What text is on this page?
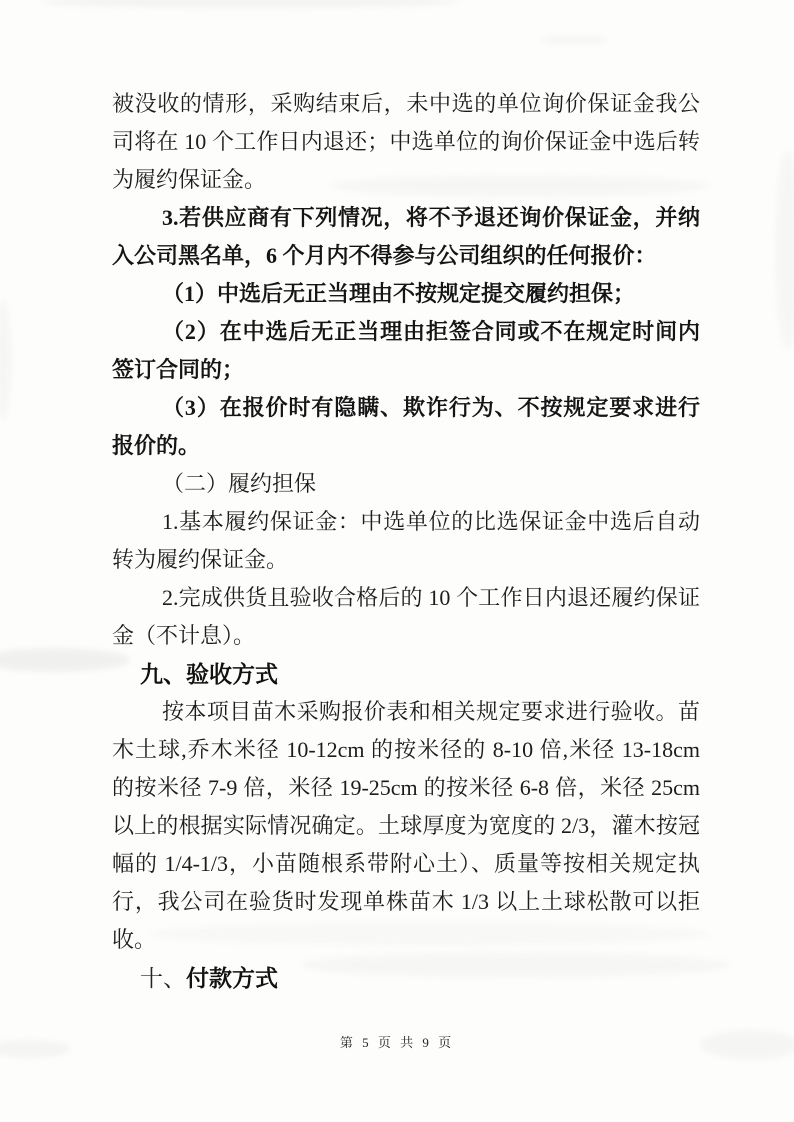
被没收的情形，采购结束后，未中选的单位询价保证金我公司将在 10 个工作日内退还；中选单位的询价保证金中选后转为履约保证金。

3.若供应商有下列情况，将不予退还询价保证金，并纳入公司黑名单，6 个月内不得参与公司组织的任何报价：

（1）中选后无正当理由不按规定提交履约担保；

（2）在中选后无正当理由拒签合同或不在规定时间内签订合同的；

（3）在报价时有隐瞒、欺诈行为、不按规定要求进行报价的。

（二）履约担保

1.基本履约保证金：中选单位的比选保证金中选后自动转为履约保证金。

2.完成供货且验收合格后的 10 个工作日内退还履约保证金（不计息）。

九、验收方式

按本项目苗木采购报价表和相关规定要求进行验收。苗木土球,乔木米径 10-12cm 的按米径的 8-10 倍,米径 13-18cm 的按米径 7-9 倍，米径 19-25cm 的按米径 6-8 倍，米径 25cm 以上的根据实际情况确定。土球厚度为宽度的 2/3，灌木按冠幅的 1/4-1/3，小苗随根系带附心土）、质量等按相关规定执行，我公司在验货时发现单株苗木 1/3 以上土球松散可以拒收。

十、付款方式
第 5 页 共 9 页
